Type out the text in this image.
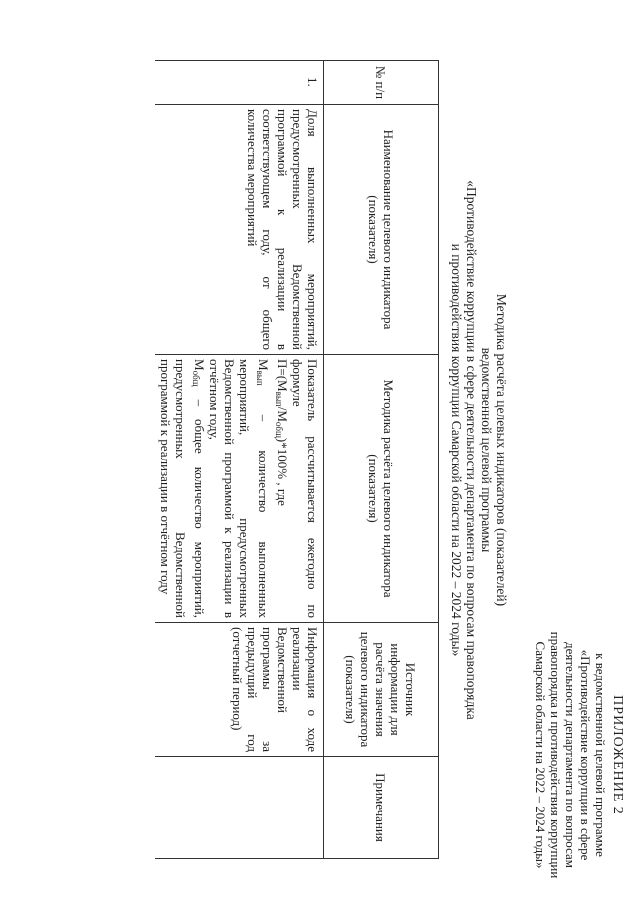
ПРИЛОЖЕНИЕ 2
к ведомственной целевой программе
«Противодействие коррупции в сфере
деятельности департамента по вопросам
правопорядка и противодействия коррупции
Самарской области на 2022 – 2024 годы»
Методика расчёта целевых индикаторов (показателей)
ведомственной целевой программы
«Противодействие коррупции в сфере деятельности департамента по вопросам правопорядка
и противодействия коррупции Самарской области на 2022 – 2024 годы»
№ п/п	Наименование целевого индикатора (показателя)	Методика расчёта целевого индикатора (показателя)	Источник информации для расчёта значения целевого индикатора (показателя)	Примечания
1.	Доля выполненных мероприятий, предусмотренных Ведомственной программой к реализации в соответствующем году, от общего количества мероприятий	Показатель рассчитывается ежегодно по формуле
$П=(М_{вып}/М_{общ})*100\%$ , где
$М_{вып}$ – количество выполненных мероприятий, предусмотренных Ведомственной программой к реализации в отчётном году,
$М_{общ}$ – общее количество мероприятий, предусмотренных Ведомственной программой к реализации в отчётном году	Информация о ходе реализации Ведомственной программы за предыдущий год (отчетный период)	
